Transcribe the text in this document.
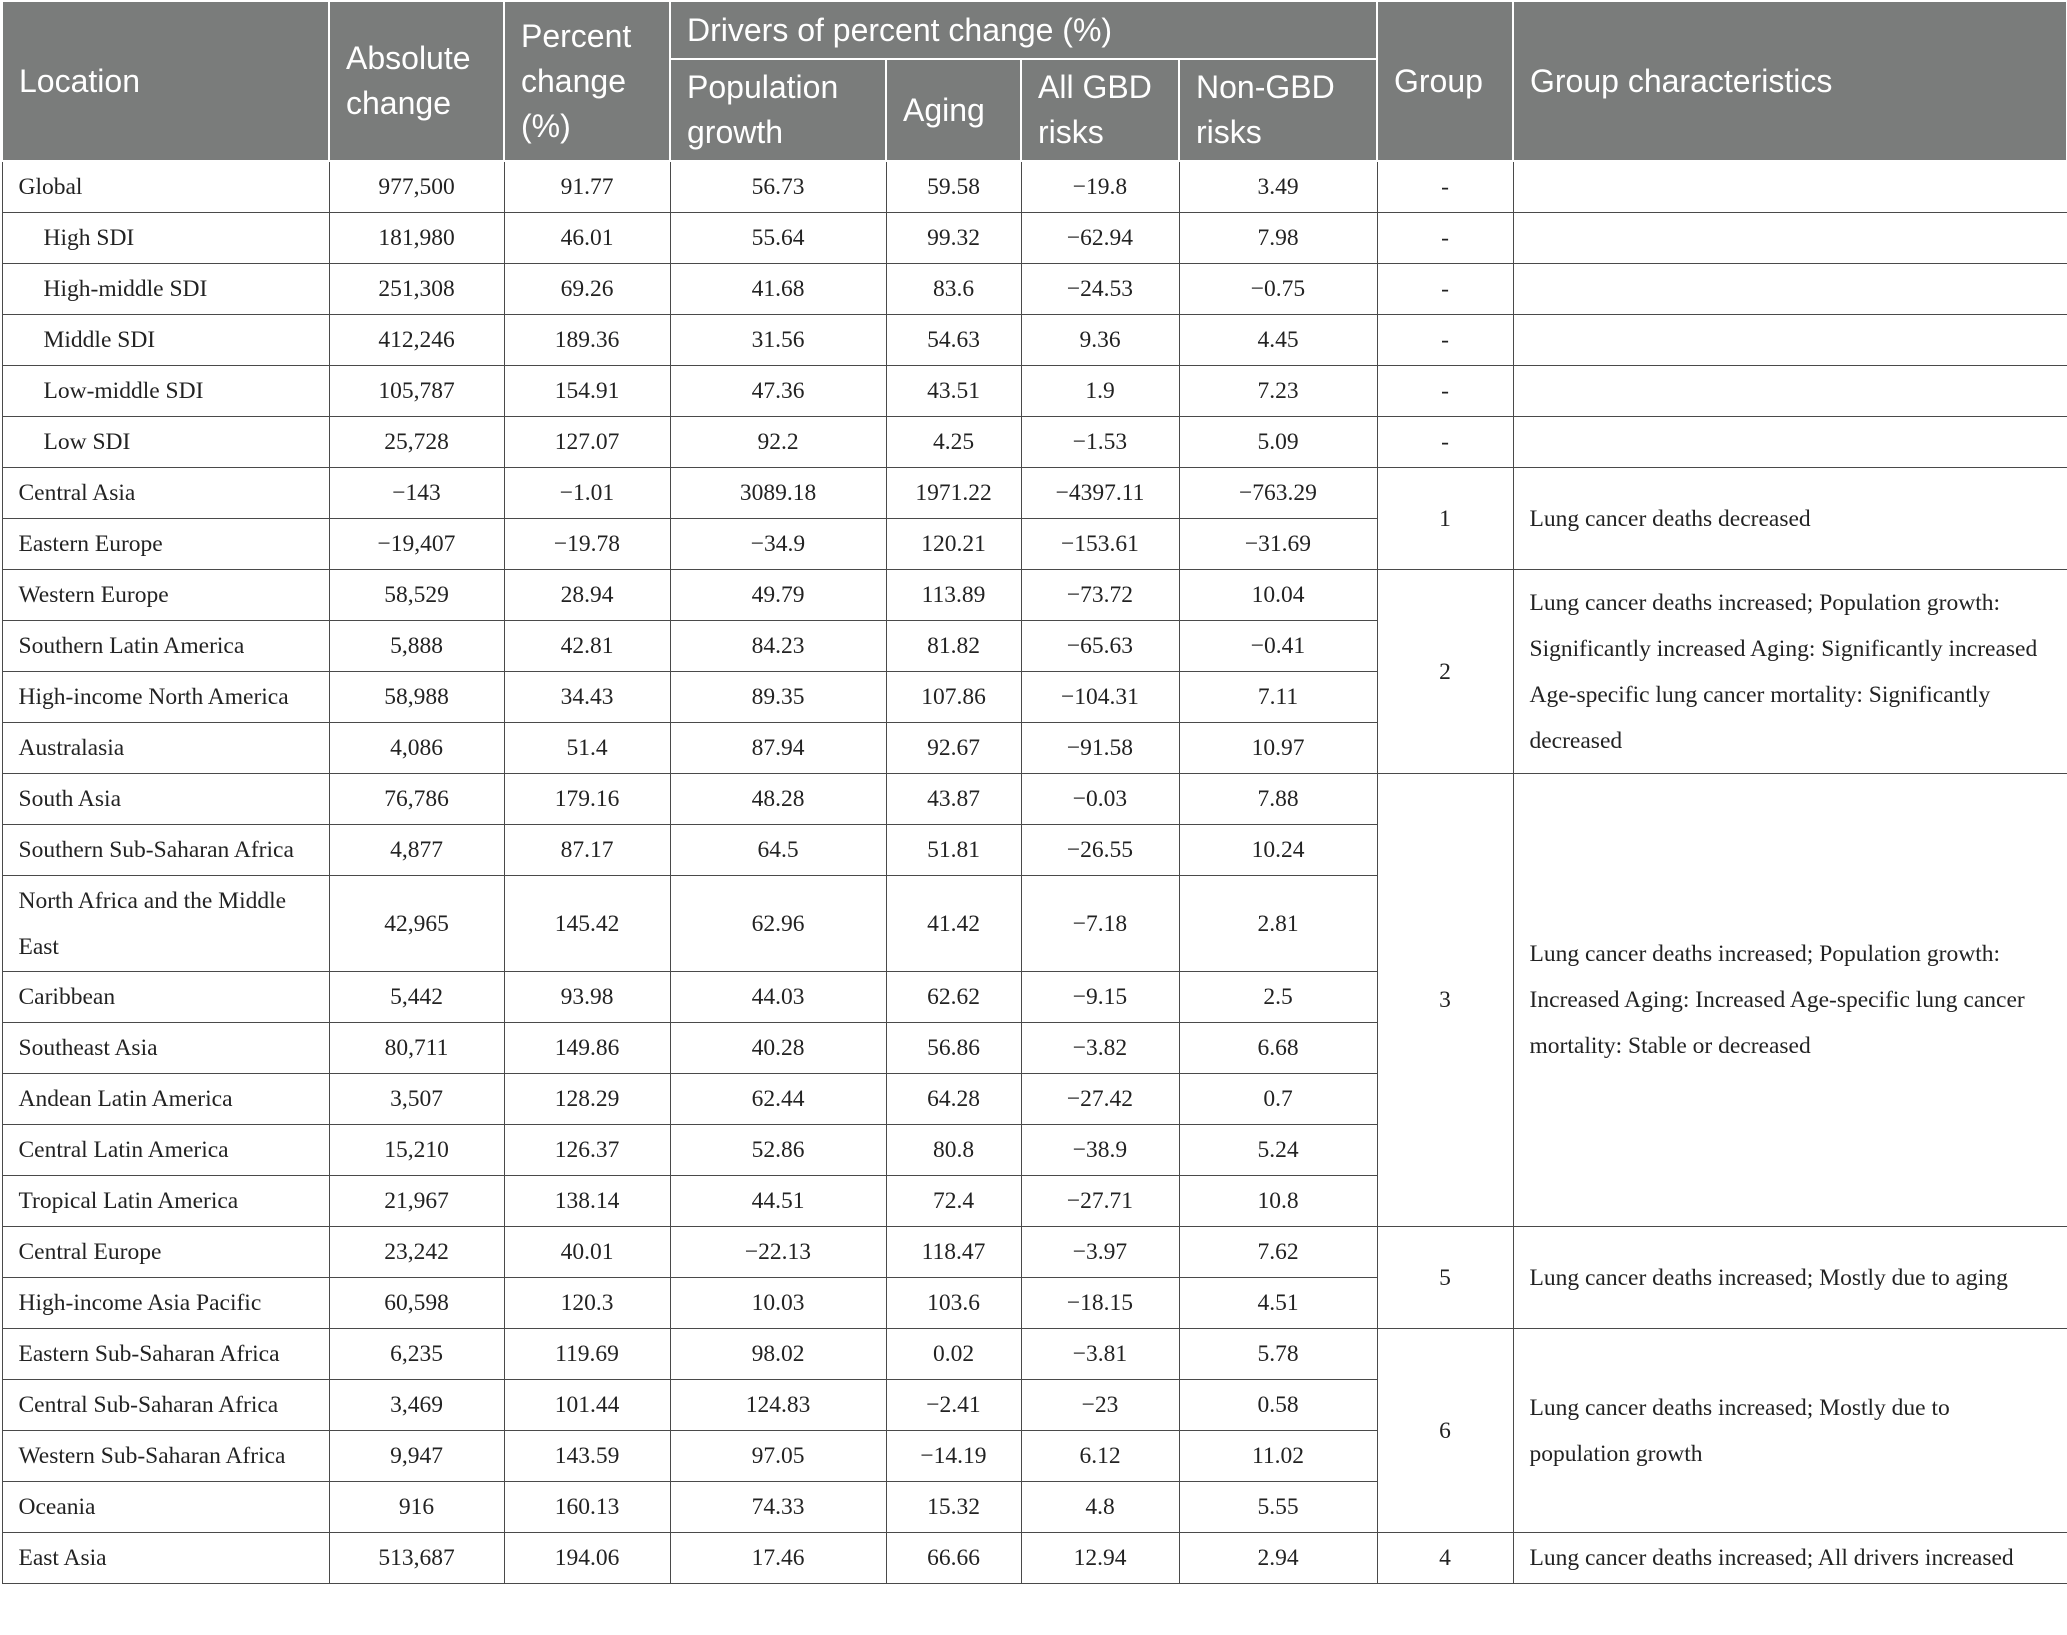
Location	Absolute change	Percent change (%)	Drivers of percent change (%)				Group	Group characteristics
			Population growth	Aging	All GBD risks	Non-GBD risks		
Global	977,500	91.77	56.73	59.58	−19.8	3.49	-	
High SDI	181,980	46.01	55.64	99.32	−62.94	7.98	-	
High-middle SDI	251,308	69.26	41.68	83.6	−24.53	−0.75	-	
Middle SDI	412,246	189.36	31.56	54.63	9.36	4.45	-	
Low-middle SDI	105,787	154.91	47.36	43.51	1.9	7.23	-	
Low SDI	25,728	127.07	92.2	4.25	−1.53	5.09	-	
Central Asia	−143	−1.01	3089.18	1971.22	−4397.11	−763.29	1	Lung cancer deaths decreased
Eastern Europe	−19,407	−19.78	−34.9	120.21	−153.61	−31.69		
Western Europe	58,529	28.94	49.79	113.89	−73.72	10.04	2	Lung cancer deaths increased; Population growth: Significantly increased Aging: Significantly increased Age-specific lung cancer mortality: Significantly decreased
Southern Latin America	5,888	42.81	84.23	81.82	−65.63	−0.41		
High-income North America	58,988	34.43	89.35	107.86	−104.31	7.11		
Australasia	4,086	51.4	87.94	92.67	−91.58	10.97		
South Asia	76,786	179.16	48.28	43.87	−0.03	7.88	3	Lung cancer deaths increased; Population growth: Increased Aging: Increased Age-specific lung cancer mortality: Stable or decreased
Southern Sub-Saharan Africa	4,877	87.17	64.5	51.81	−26.55	10.24		
North Africa and the Middle East	42,965	145.42	62.96	41.42	−7.18	2.81		
Caribbean	5,442	93.98	44.03	62.62	−9.15	2.5		
Southeast Asia	80,711	149.86	40.28	56.86	−3.82	6.68		
Andean Latin America	3,507	128.29	62.44	64.28	−27.42	0.7		
Central Latin America	15,210	126.37	52.86	80.8	−38.9	5.24		
Tropical Latin America	21,967	138.14	44.51	72.4	−27.71	10.8		
Central Europe	23,242	40.01	−22.13	118.47	−3.97	7.62	5	Lung cancer deaths increased; Mostly due to aging
High-income Asia Pacific	60,598	120.3	10.03	103.6	−18.15	4.51		
Eastern Sub-Saharan Africa	6,235	119.69	98.02	0.02	−3.81	5.78	6	Lung cancer deaths increased; Mostly due to population growth
Central Sub-Saharan Africa	3,469	101.44	124.83	−2.41	−23	0.58		
Western Sub-Saharan Africa	9,947	143.59	97.05	−14.19	6.12	11.02		
Oceania	916	160.13	74.33	15.32	4.8	5.55		
East Asia	513,687	194.06	17.46	66.66	12.94	2.94	4	Lung cancer deaths increased; All drivers increased
